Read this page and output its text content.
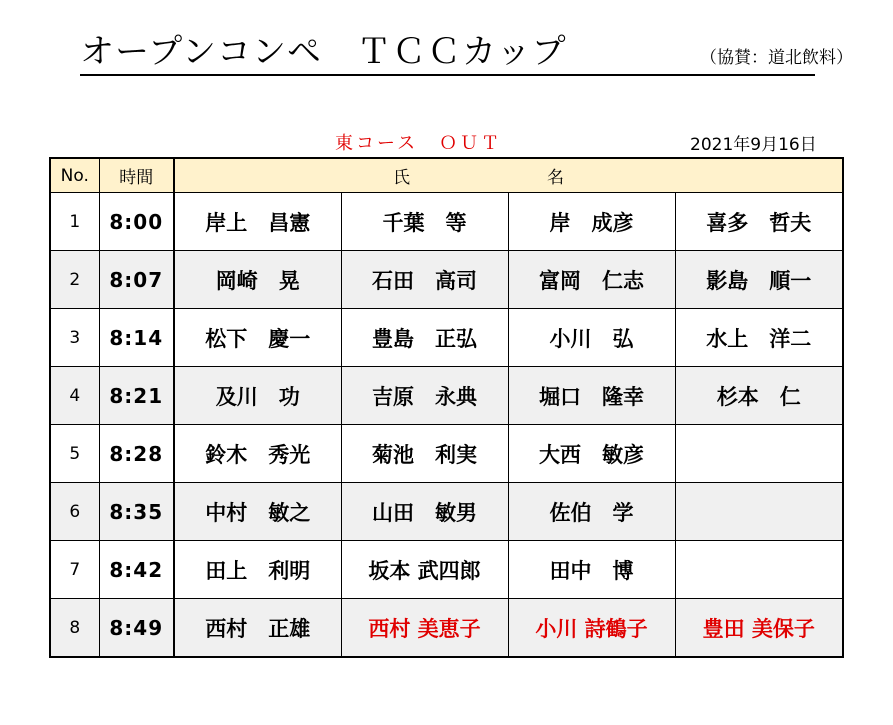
オープンコンペ　ＴＣＣカップ	（協賛：道北飲料）
東コース　ＯＵＴ	2021年9月16日
No.	時間	氏　名			
1	8:00	岸上　昌憲	千葉　等	岸　成彦	喜多　哲夫
2	8:07	岡崎　晃	石田　高司	富岡　仁志	影島　順一
3	8:14	松下　慶一	豊島　正弘	小川　弘	水上　洋二
4	8:21	及川　功	吉原　永典	堀口　隆幸	杉本　仁
5	8:28	鈴木　秀光	菊池　利実	大西　敏彦	
6	8:35	中村　敏之	山田　敏男	佐伯　学	
7	8:42	田上　利明	坂本 武四郎	田中　博	
8	8:49	西村　正雄	西村 美恵子	小川 詩鶴子	豊田 美保子
